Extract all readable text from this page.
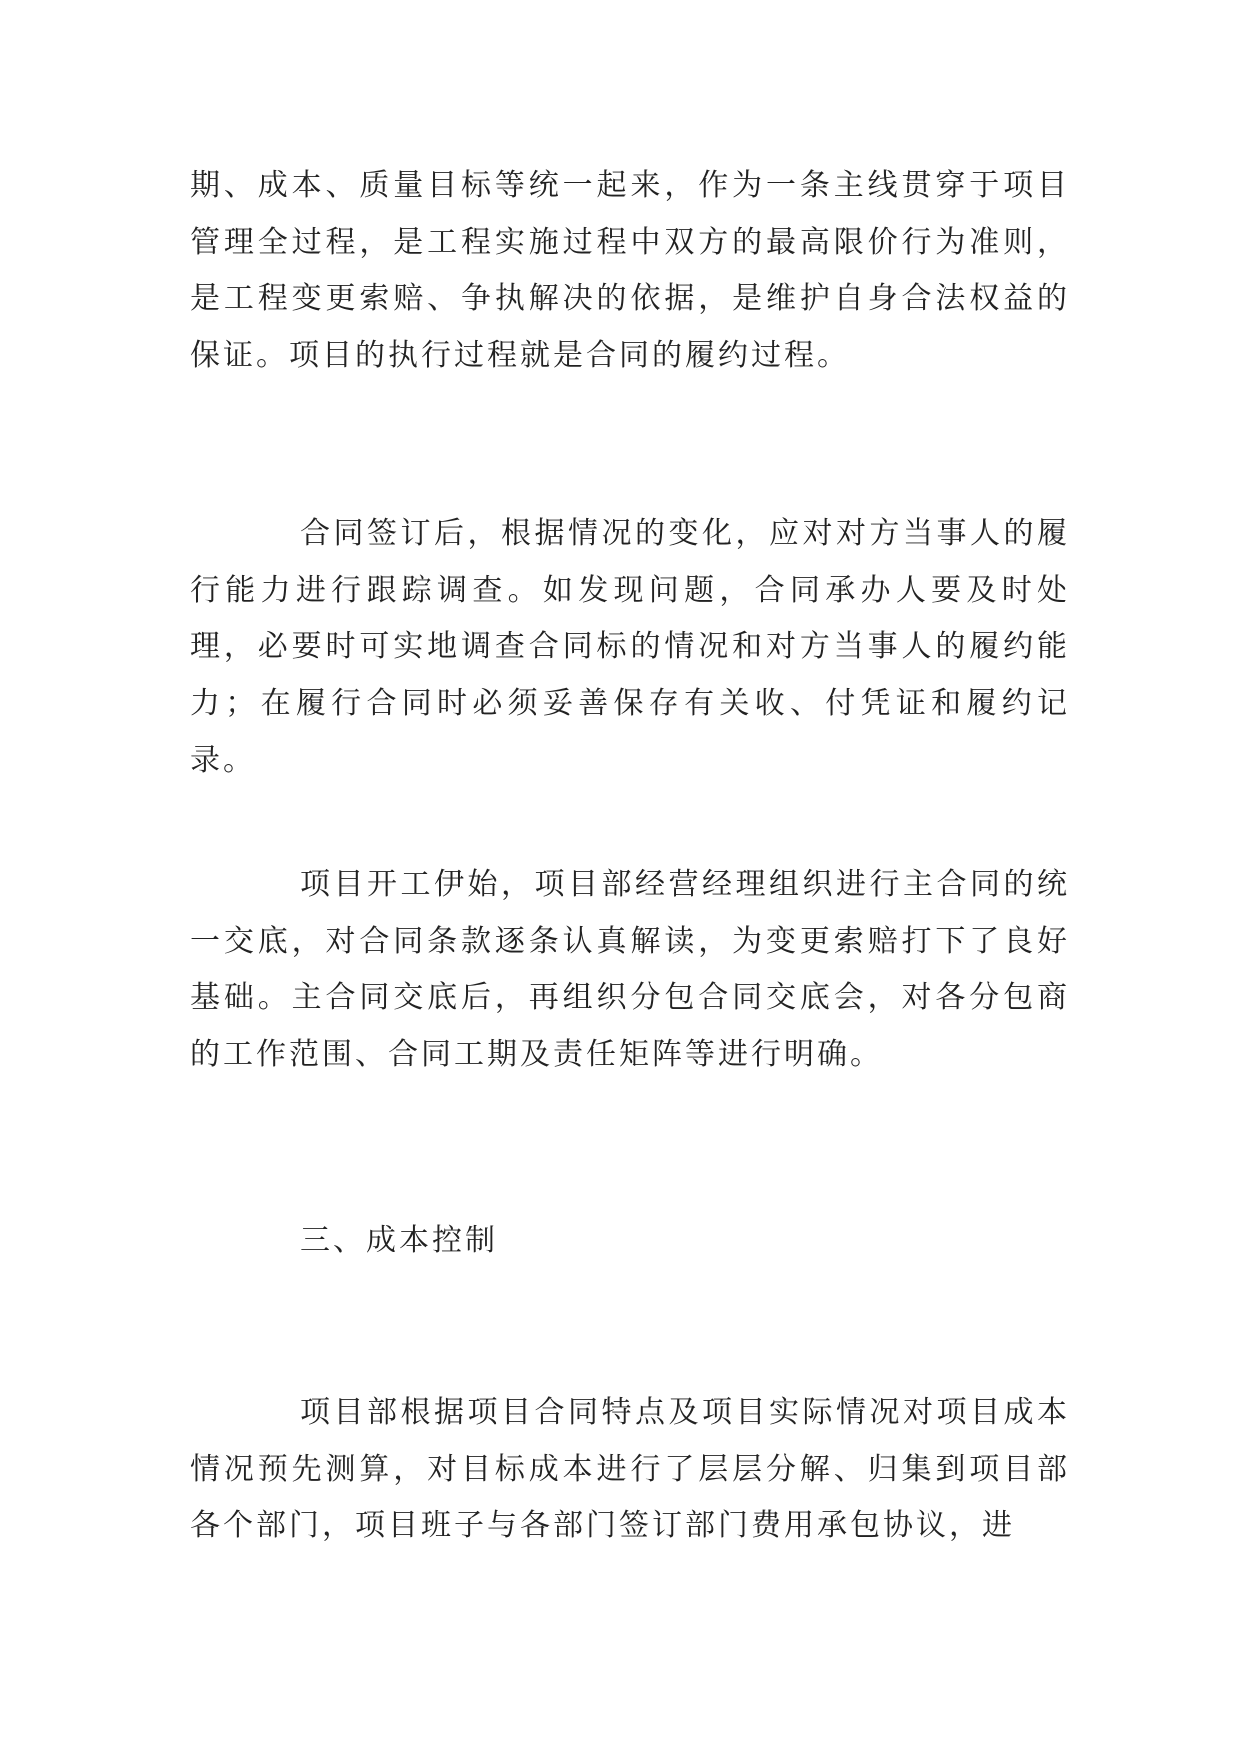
期、成本、质量目标等统一起来，作为一条主线贯穿于项目管理全过程，是工程实施过程中双方的最高限价行为准则，是工程变更索赔、争执解决的依据，是维护自身合法权益的保证。项目的执行过程就是合同的履约过程。

合同签订后，根据情况的变化，应对对方当事人的履行能力进行跟踪调查。如发现问题，合同承办人要及时处理，必要时可实地调查合同标的情况和对方当事人的履约能力；在履行合同时必须妥善保存有关收、付凭证和履约记录。

项目开工伊始，项目部经营经理组织进行主合同的统一交底，对合同条款逐条认真解读，为变更索赔打下了良好基础。主合同交底后，再组织分包合同交底会，对各分包商的工作范围、合同工期及责任矩阵等进行明确。

三、成本控制

项目部根据项目合同特点及项目实际情况对项目成本情况预先测算，对目标成本进行了层层分解、归集到项目部各个部门，项目班子与各部门签订部门费用承包协议，进
